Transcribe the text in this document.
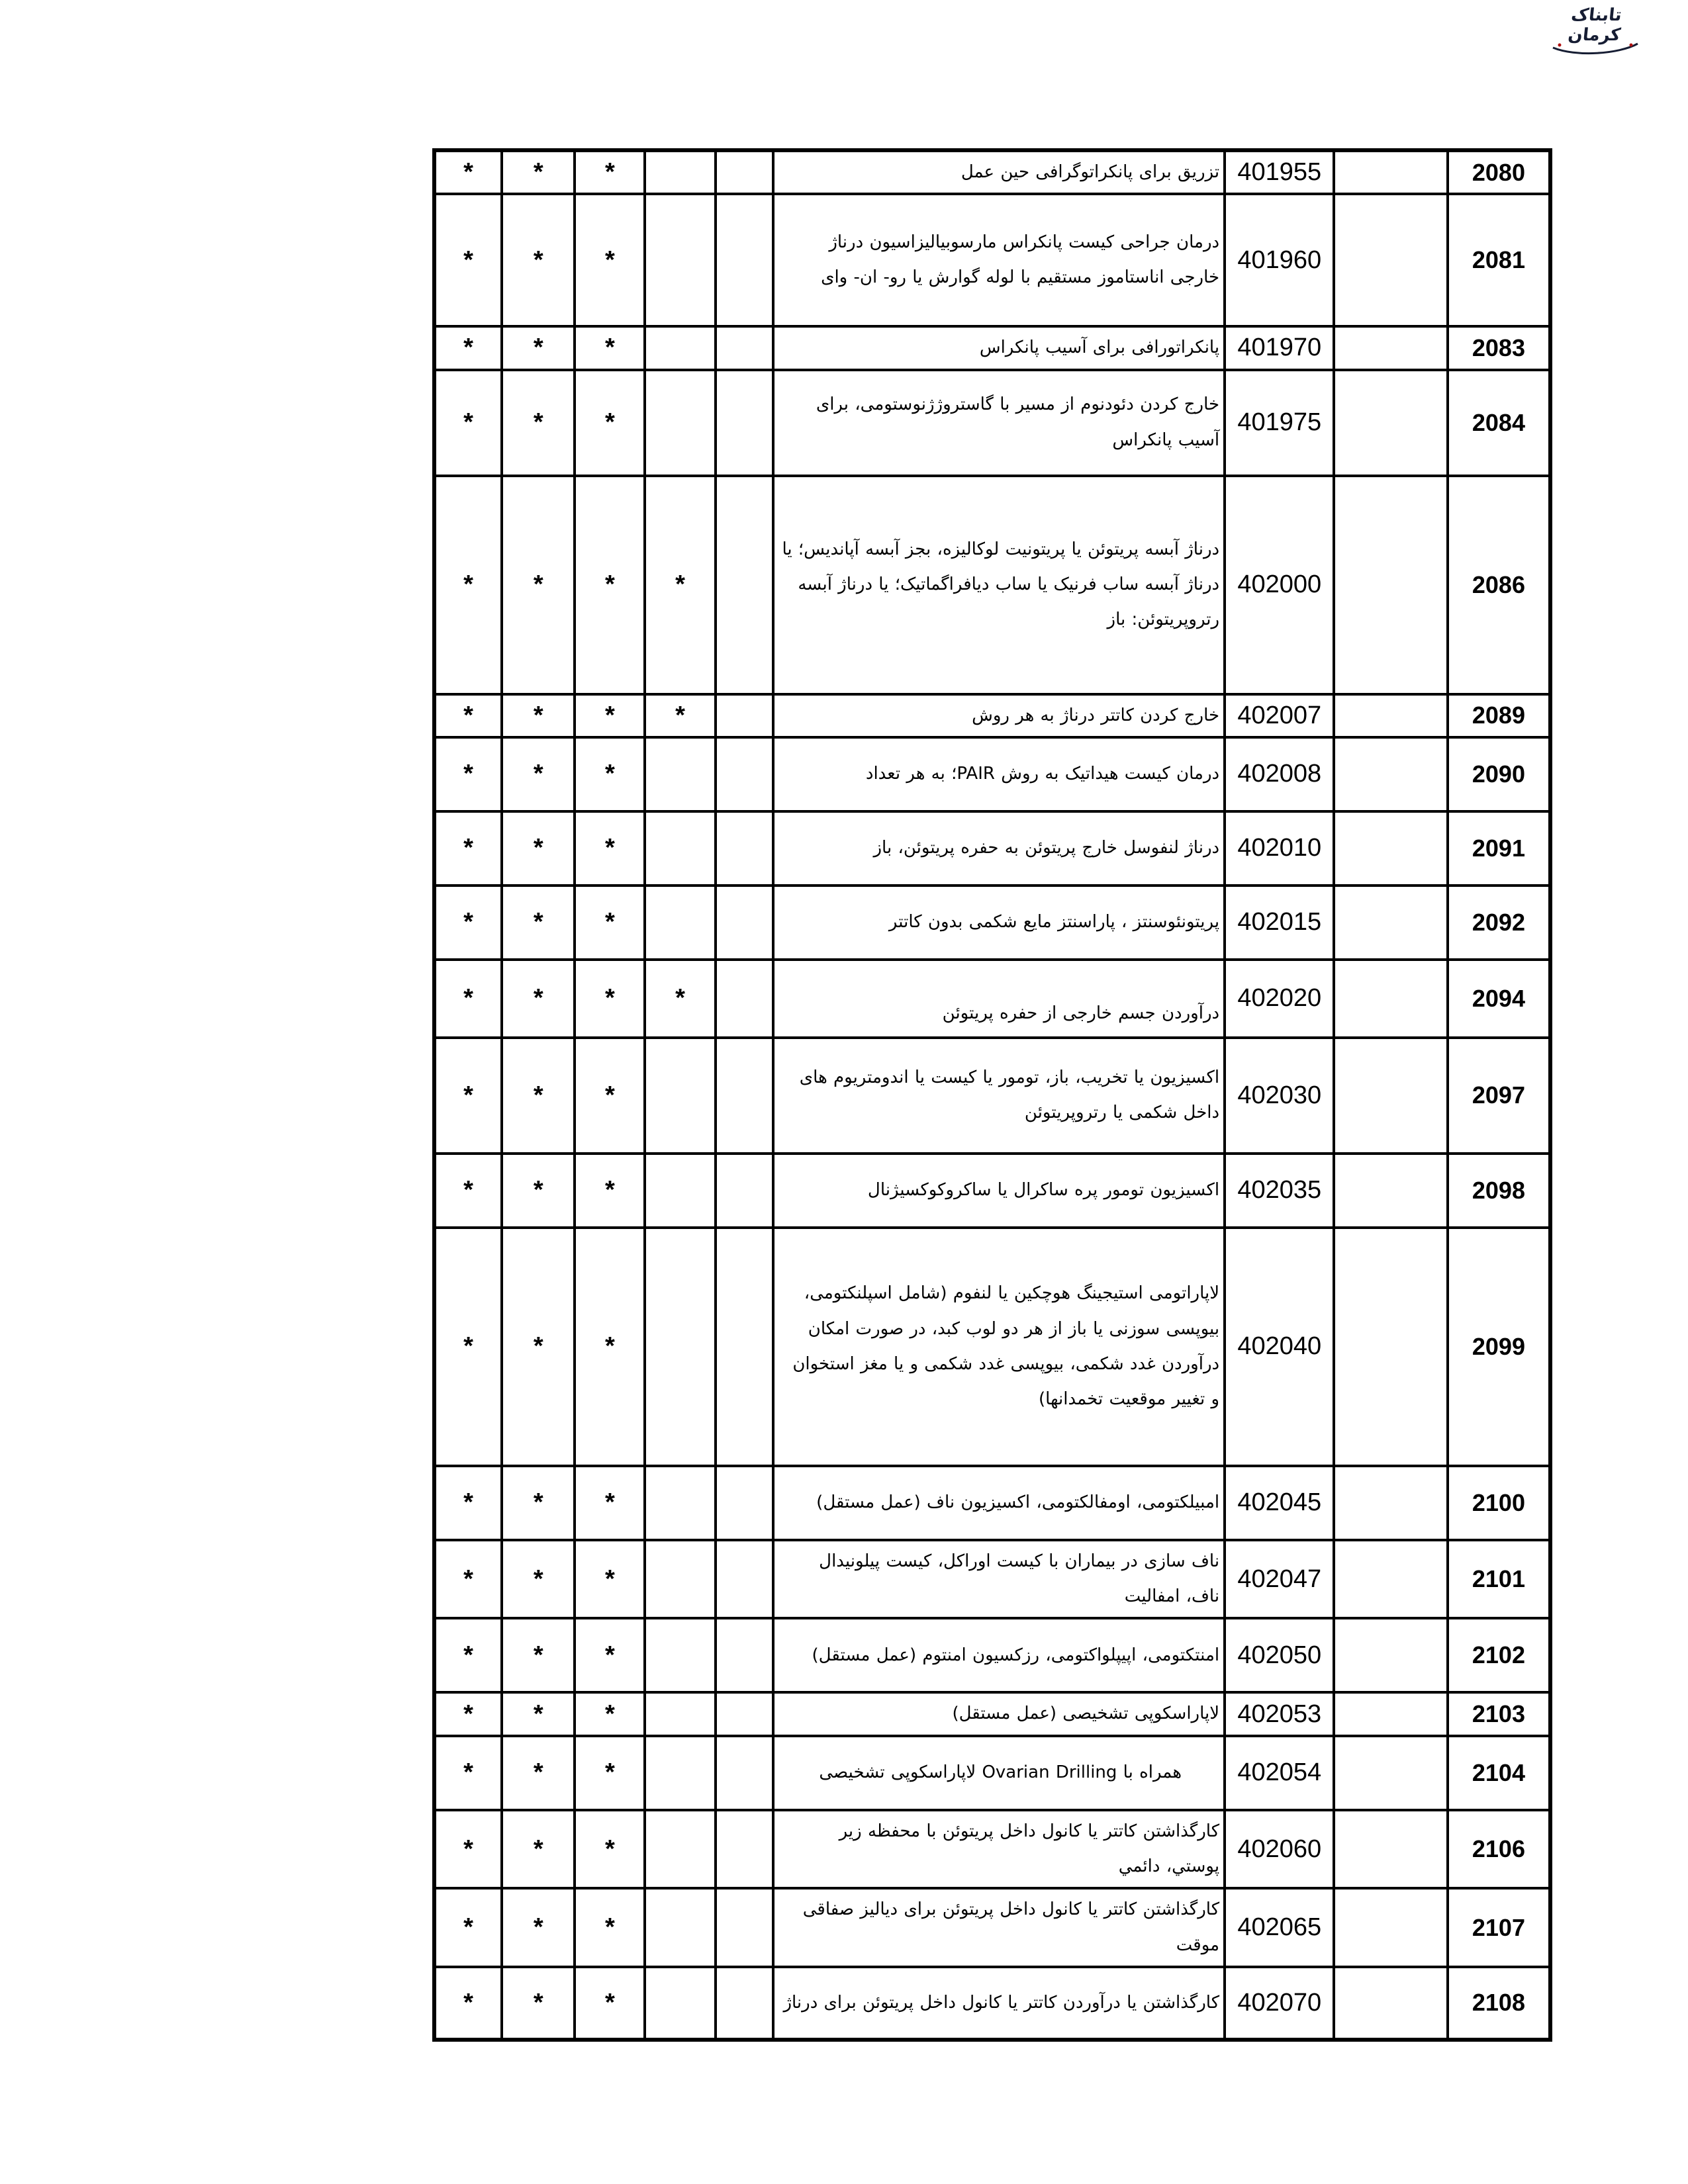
تابناک کرمان
2080		401955	تزریق برای پانکراتوگرافی حین عمل			*	*	*
2081		401960	درمان جراحی کیست پانکراس مارسوبیالیزاسیون درناژ خارجی اناستاموز مستقیم با لوله گوارش یا رو- ان- وای			*	*	*
2083		401970	پانکراتورافی برای آسیب پانکراس			*	*	*
2084		401975	خارج کردن دئودنوم از مسیر با گاستروژژنوستومی، برای آسیب پانکراس			*	*	*
2086		402000	درناژ آبسه پریتوئن یا پریتونیت لوکالیزه، بجز آبسه آپاندیس؛ یا درناژ آبسه ساب فرنیک یا ساب دیافراگماتیک؛ یا درناژ آبسه رتروپریتوئن: باز		*	*	*	*
2089		402007	خارج کردن کاتتر درناژ به هر روش		*	*	*	*
2090		402008	درمان کیست هیداتیک به روش PAIR؛ به هر تعداد			*	*	*
2091		402010	درناژ لنفوسل خارج پریتوئن به حفره پریتوئن، باز			*	*	*
2092		402015	پریتونئوسنتز ، پاراسنتز مایع شکمی بدون کاتتر			*	*	*
2094		402020	درآوردن جسم خارجی از حفره پریتوئن		*	*	*	*
2097		402030	اکسیزیون یا تخریب، باز، تومور یا کیست یا اندومتریوم های داخل شکمی یا رتروپریتوئن			*	*	*
2098		402035	اکسیزیون تومور پره ساکرال یا ساکروکوکسیژنال			*	*	*
2099		402040	لاپاراتومی استیجینگ هوچکین یا لنفوم (شامل اسپلنکتومی، بیوپسی سوزنی یا باز از هر دو لوب کبد، در صورت امکان درآوردن غدد شکمی، بیوپسی غدد شکمی و یا مغز استخوان و تغییر موقعیت تخمدانها)			*	*	*
2100		402045	امبیلکتومی، اومفالکتومی، اکسیزیون ناف (عمل مستقل)			*	*	*
2101		402047	ناف سازی در بیماران با کیست اوراکل، کیست پیلونیدال ناف، امفالیت			*	*	*
2102		402050	امنتکتومی، اپیپلواکتومی، رزکسیون امنتوم (عمل مستقل)			*	*	*
2103		402053	لاپاراسکوپی تشخیصی (عمل مستقل)			*	*	*
2104		402054	همراه با Ovarian Drilling لاپاراسکوپی تشخیصی			*	*	*
2106		402060	کارگذاشتن کاتتر یا کانول داخل پریتوئن با محفظه زیر پوستي، دائمي			*	*	*
2107		402065	کارگذاشتن کاتتر یا کانول داخل پریتوئن برای دیالیز صفاقی موقت			*	*	*
2108		402070	کارگذاشتن یا درآوردن کاتتر یا کانول داخل پریتوئن برای درناژ			*	*	*
